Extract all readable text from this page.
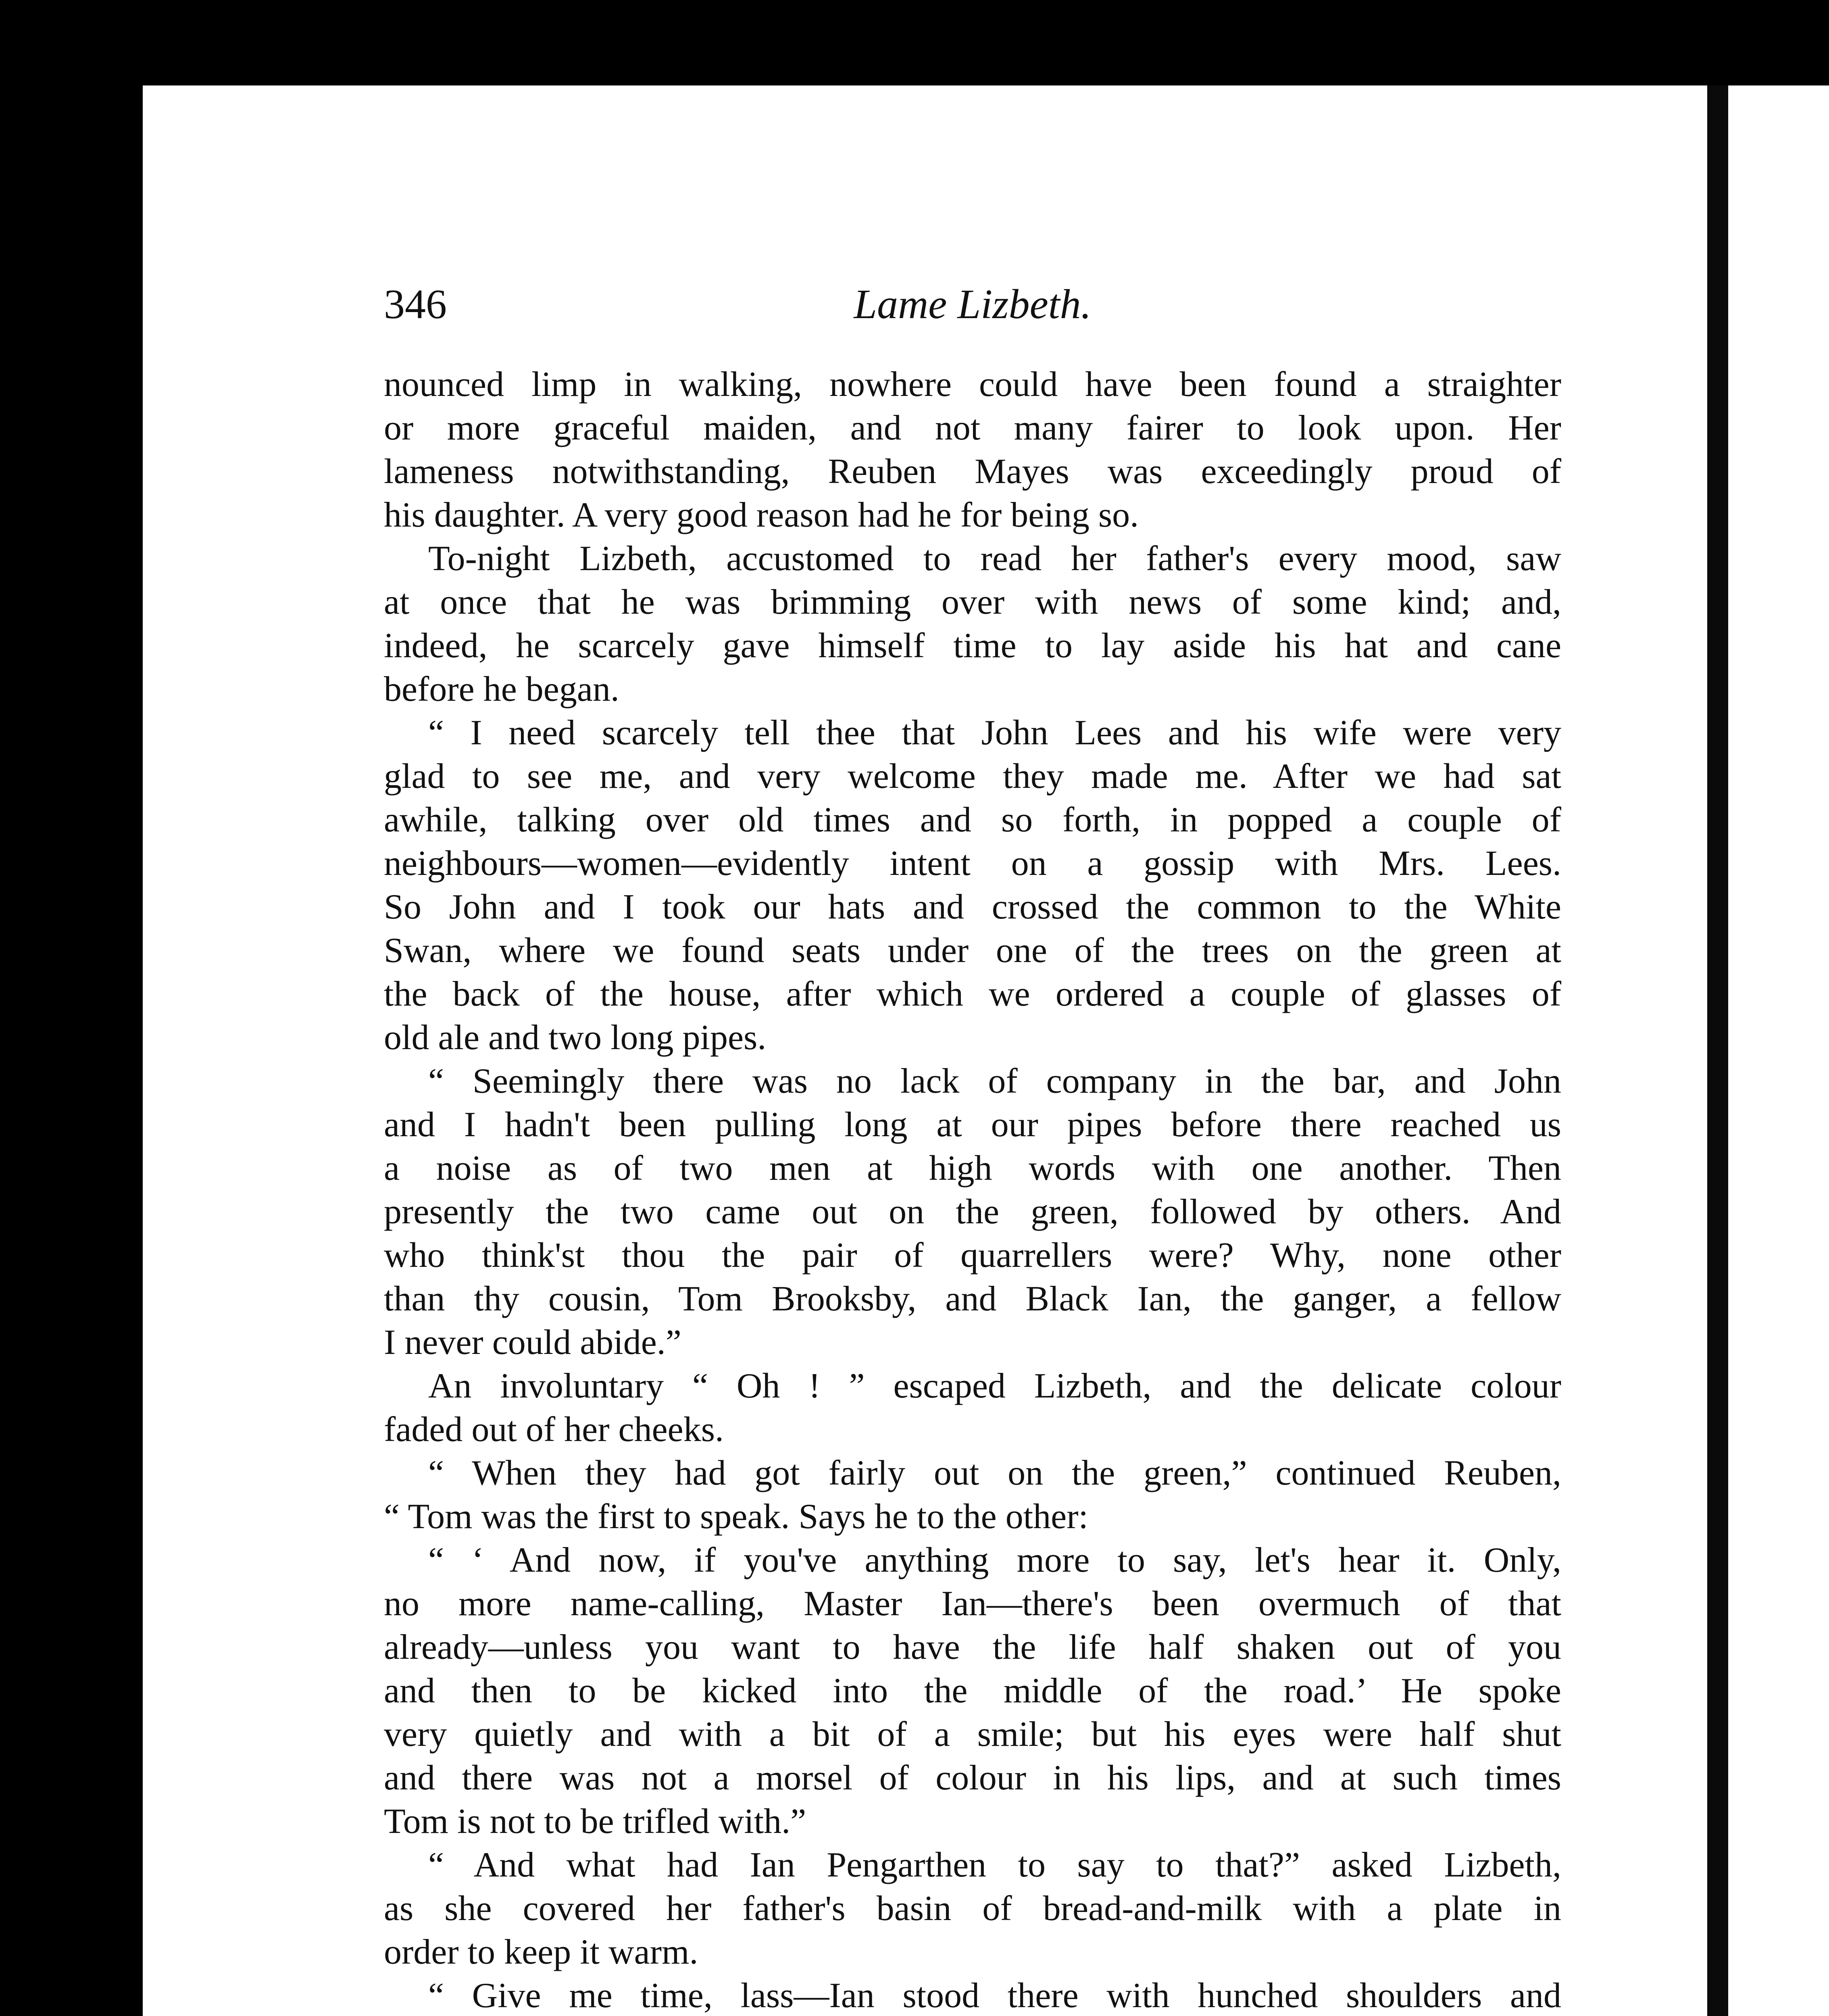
346	Lame Lizbeth.
nounced limp in walking, nowhere could have been found a straighter
or more graceful maiden, and not many fairer to look upon. Her
lameness notwithstanding, Reuben Mayes was exceedingly proud of
his daughter. A very good reason had he for being so.
To-night Lizbeth, accustomed to read her father's every mood, saw
at once that he was brimming over with news of some kind; and,
indeed, he scarcely gave himself time to lay aside his hat and cane
before he began.
“ I need scarcely tell thee that John Lees and his wife were very
glad to see me, and very welcome they made me. After we had sat
awhile, talking over old times and so forth, in popped a couple of
neighbours—women—evidently intent on a gossip with Mrs. Lees.
So John and I took our hats and crossed the common to the White
Swan, where we found seats under one of the trees on the green at
the back of the house, after which we ordered a couple of glasses of
old ale and two long pipes.
“ Seemingly there was no lack of company in the bar, and John
and I hadn't been pulling long at our pipes before there reached us
a noise as of two men at high words with one another. Then
presently the two came out on the green, followed by others. And
who think'st thou the pair of quarrellers were? Why, none other
than thy cousin, Tom Brooksby, and Black Ian, the ganger, a fellow
I never could abide.”
An involuntary “ Oh ! ” escaped Lizbeth, and the delicate colour
faded out of her cheeks.
“ When they had got fairly out on the green,” continued Reuben,
“ Tom was the first to speak. Says he to the other:
“ ‘ And now, if you've anything more to say, let's hear it. Only,
no more name-calling, Master Ian—there's been overmuch of that
already—unless you want to have the life half shaken out of you
and then to be kicked into the middle of the road.’ He spoke
very quietly and with a bit of a smile; but his eyes were half shut
and there was not a morsel of colour in his lips, and at such times
Tom is not to be trifled with.”
“ And what had Ian Pengarthen to say to that?” asked Lizbeth,
as she covered her father's basin of bread-and-milk with a plate in
order to keep it warm.
“ Give me time, lass—Ian stood there with hunched shoulders and
